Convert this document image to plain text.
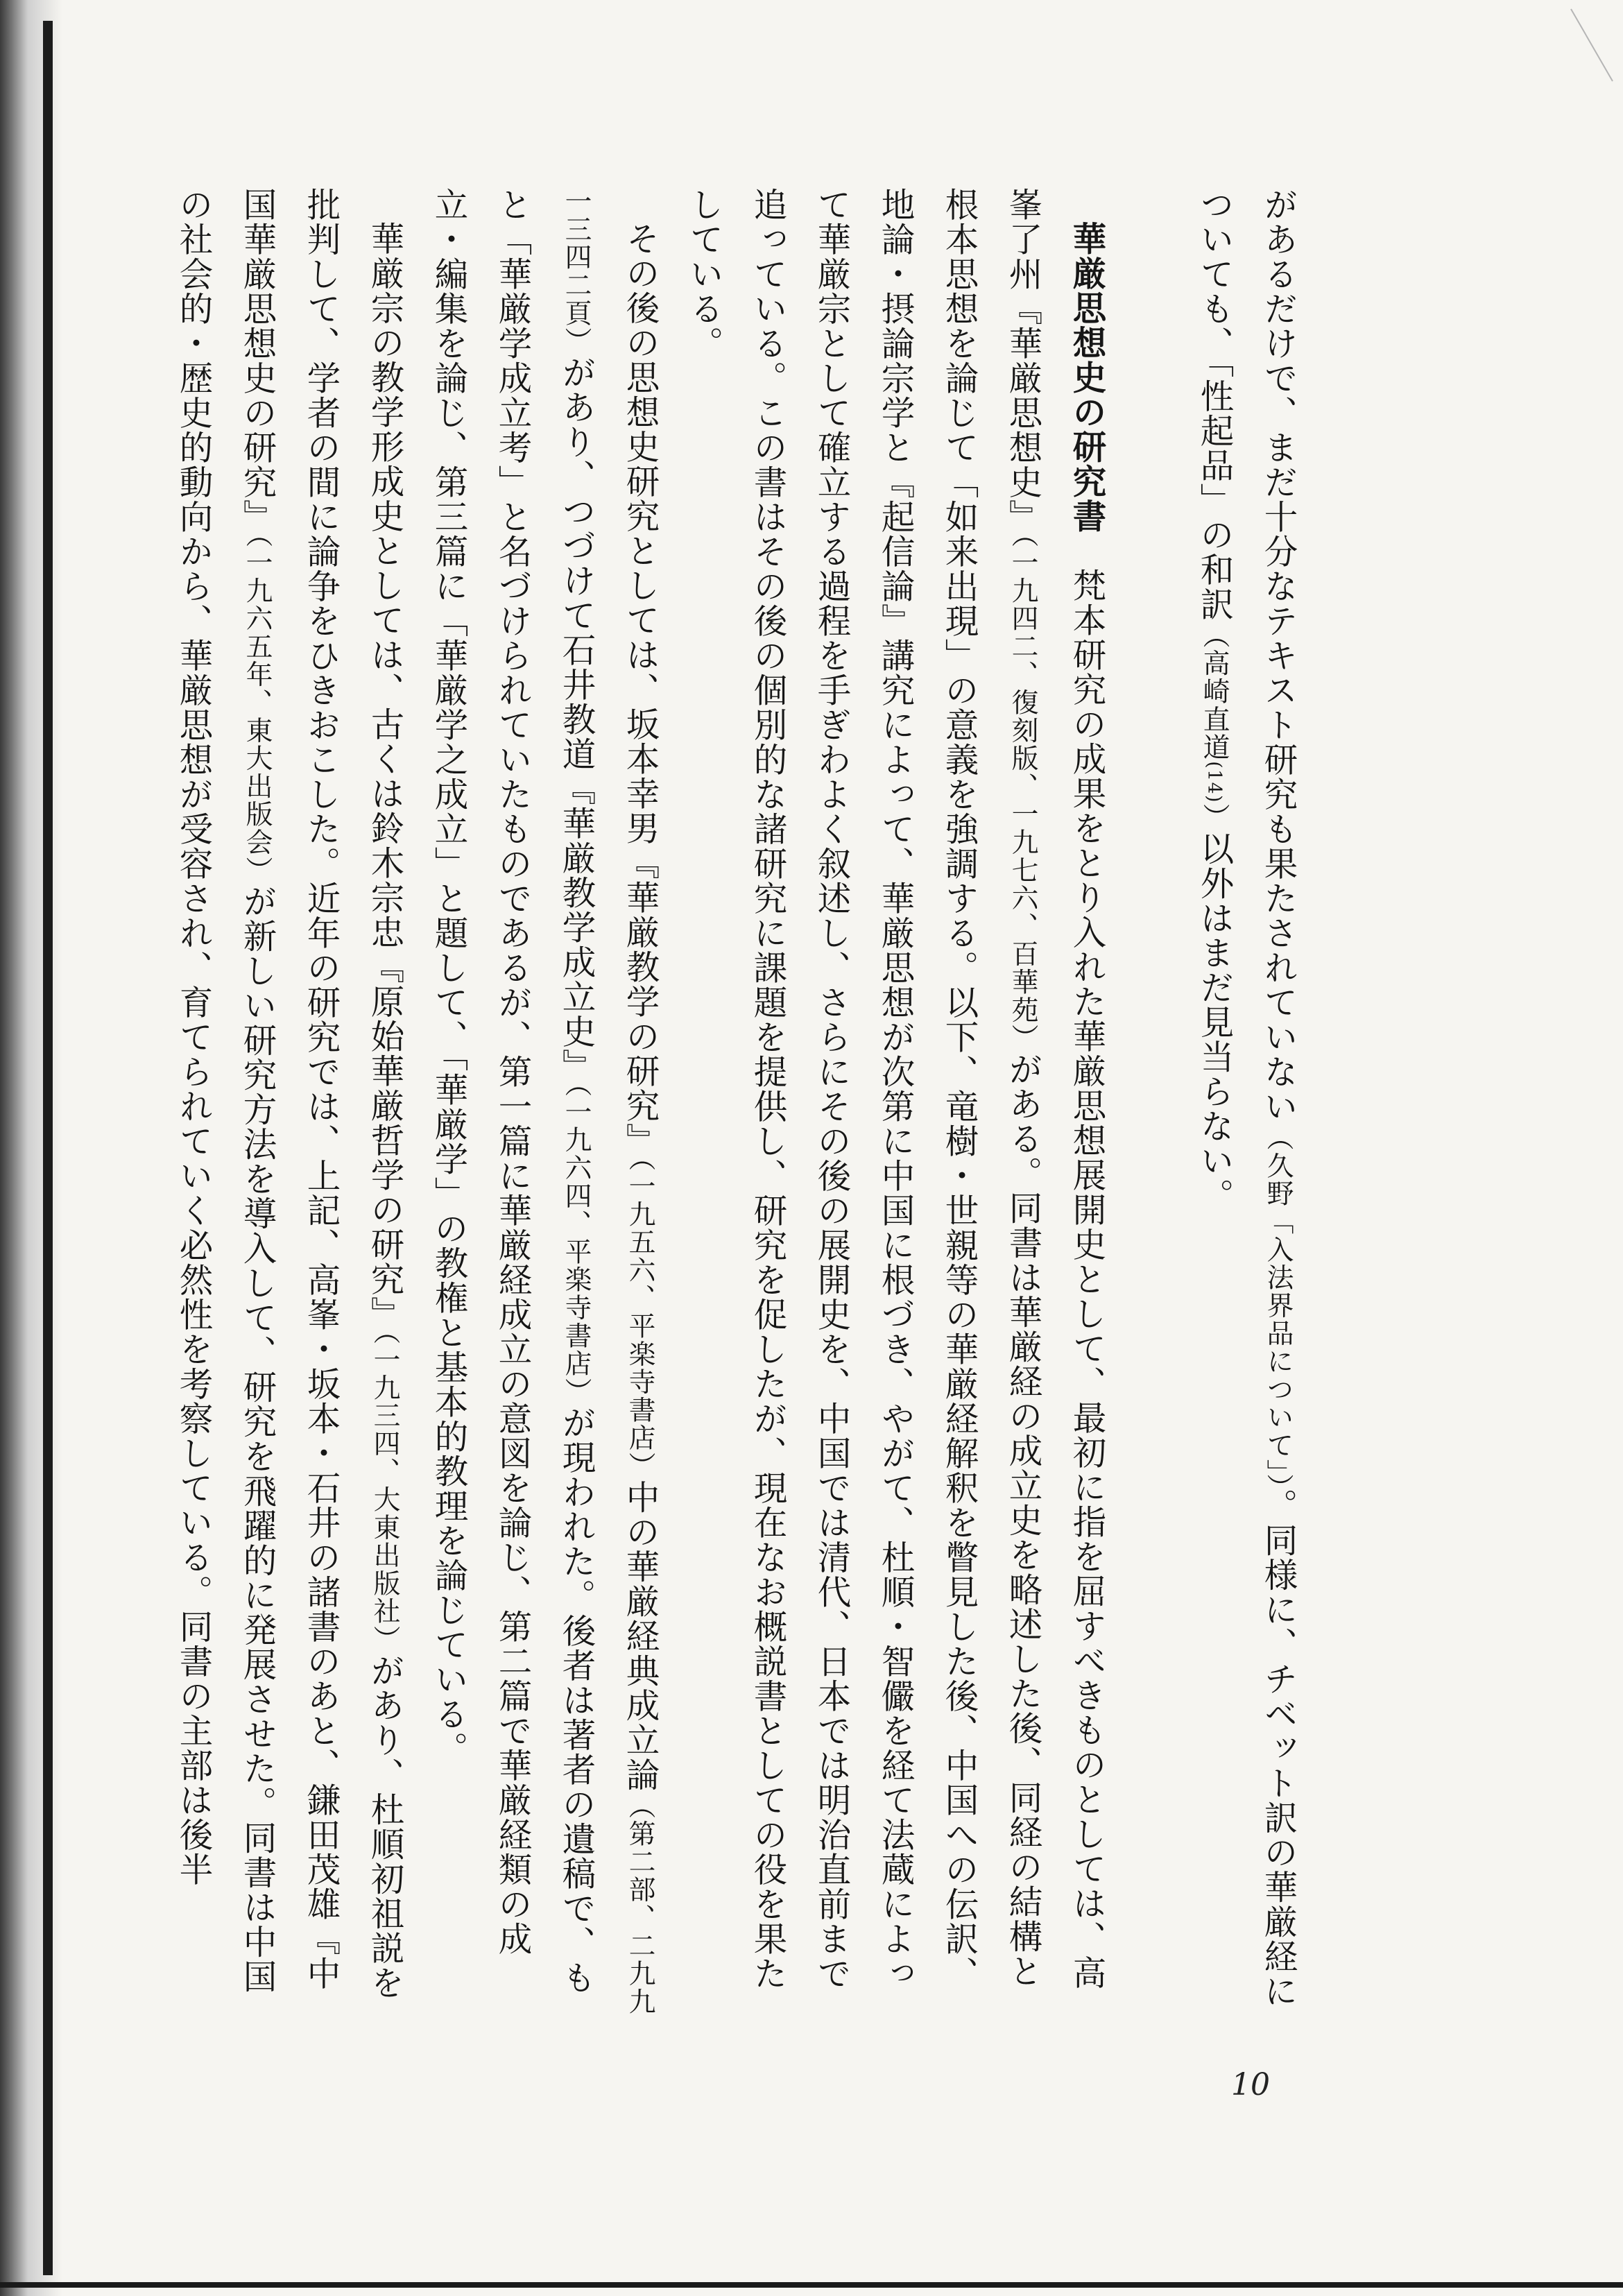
があるだけで、まだ十分なテキスト研究も果たされていない（久野「入法界品について」）。同様に、チベット訳の華厳経についても、「性起品」の和訳（高崎直道(14)）以外はまだ見当らない。

華厳思想史の研究書　梵本研究の成果をとり入れた華厳思想展開史として、最初に指を屈すべきものとしては、高峯了州『華厳思想史』（一九四二、復刻版、一九七六、百華苑）がある。同書は華厳経の成立史を略述した後、同経の結構と根本思想を論じて「如来出現」の意義を強調する。以下、竜樹・世親等の華厳経解釈を瞥見した後、中国への伝訳、地論・摂論宗学と『起信論』講究によって、華厳思想が次第に中国に根づき、やがて、杜順・智儼を経て法蔵によって華厳宗として確立する過程を手ぎわよく叙述し、さらにその後の展開史を、中国では清代、日本では明治直前まで追っている。この書はその後の個別的な諸研究に課題を提供し、研究を促したが、現在なお概説書としての役を果たしている。

その後の思想史研究としては、坂本幸男『華厳教学の研究』（一九五六、平楽寺書店）中の華厳経典成立論（第二部、二九九一三四二頁）があり、つづけて石井教道『華厳教学成立史』（一九六四、平楽寺書店）が現われた。後者は著者の遺稿で、もと「華厳学成立考」と名づけられていたものであるが、第一篇に華厳経成立の意図を論じ、第二篇で華厳経類の成立・編集を論じ、第三篇に「華厳学之成立」と題して、「華厳学」の教権と基本的教理を論じている。

華厳宗の教学形成史としては、古くは鈴木宗忠『原始華厳哲学の研究』（一九三四、大東出版社）があり、杜順初祖説を批判して、学者の間に論争をひきおこした。近年の研究では、上記、高峯・坂本・石井の諸書のあと、鎌田茂雄『中国華厳思想史の研究』（一九六五年、東大出版会）が新しい研究方法を導入して、研究を飛躍的に発展させた。同書は中国の社会的・歴史的動向から、華厳思想が受容され、育てられていく必然性を考察している。同書の主部は後半

10
